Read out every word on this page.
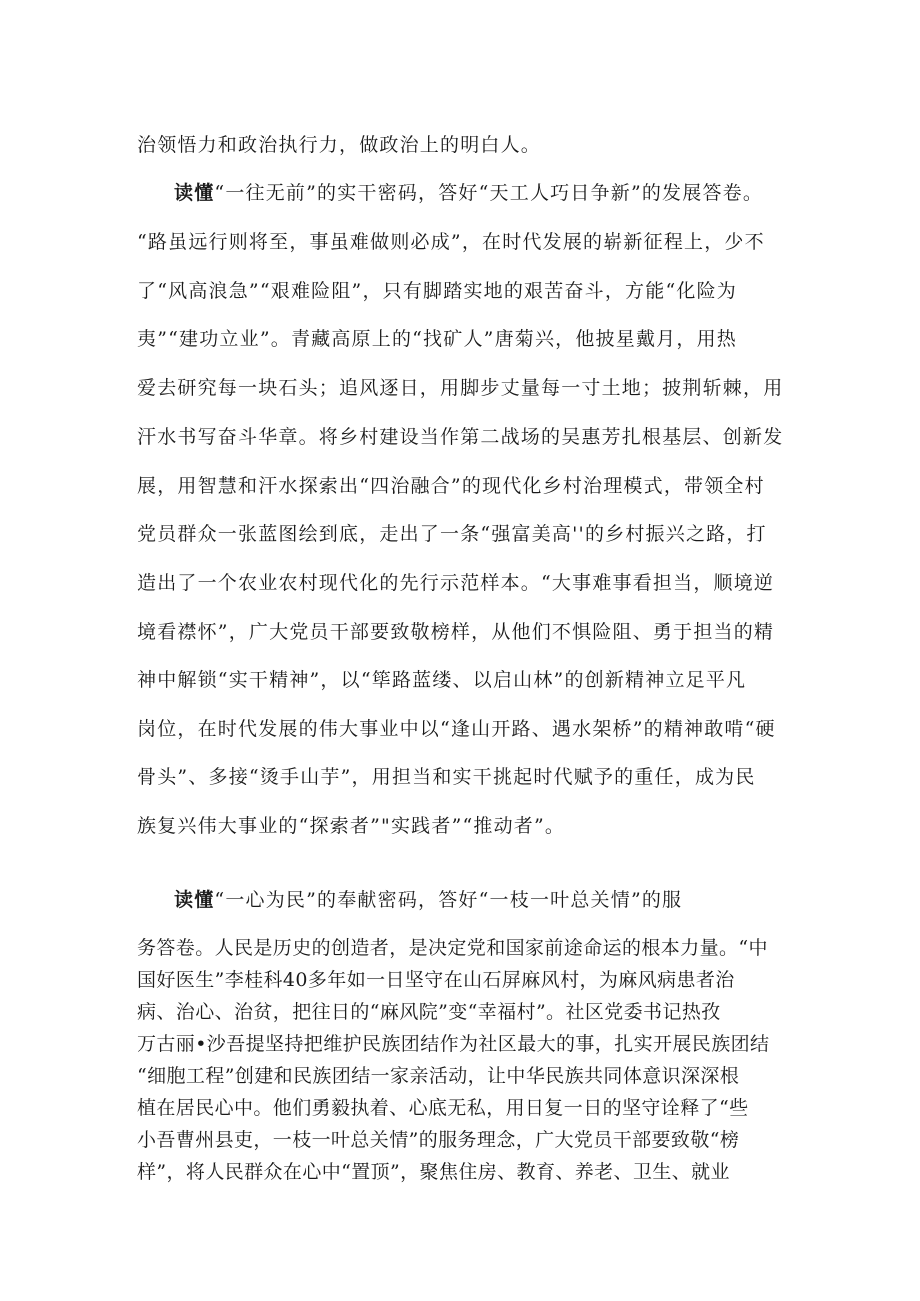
治领悟力和政治执行力，做政治上的明白人。
读懂“一往无前”的实干密码，答好“天工人巧日争新”的发展答卷。
“路虽远行则将至，事虽难做则必成”，在时代发展的崭新征程上，少不
了“风高浪急”“艰难险阻”，只有脚踏实地的艰苦奋斗，方能“化险为
夷”“建功立业”。青藏高原上的“找矿人”唐菊兴，他披星戴月，用热
爱去研究每一块石头；追风逐日，用脚步丈量每一寸土地；披荆斩棘，用
汗水书写奋斗华章。将乡村建设当作第二战场的吴惠芳扎根基层、创新发
展，用智慧和汗水探索出“四治融合”的现代化乡村治理模式，带领全村
党员群众一张蓝图绘到底，走出了一条“强富美高''的乡村振兴之路，打
造出了一个农业农村现代化的先行示范样本。“大事难事看担当，顺境逆
境看襟怀”，广大党员干部要致敬榜样，从他们不惧险阻、勇于担当的精
神中解锁“实干精神”，以“筚路蓝缕、以启山林”的创新精神立足平凡
岗位，在时代发展的伟大事业中以“逢山开路、遇水架桥”的精神敢啃“硬
骨头”、多接“烫手山芋”，用担当和实干挑起时代赋予的重任，成为民
族复兴伟大事业的“探索者”"实践者”“推动者”。
读懂“一心为民”的奉献密码，答好“一枝一叶总关情”的服
务答卷。人民是历史的创造者，是决定党和国家前途命运的根本力量。“中
国好医生”李桂科40多年如一日坚守在山石屏麻风村，为麻风病患者治
病、治心、治贫，把往日的“麻风院”变“幸福村”。社区党委书记热孜
万古丽•沙吾提坚持把维护民族团结作为社区最大的事，扎实开展民族团结
“细胞工程”创建和民族团结一家亲活动，让中华民族共同体意识深深根
植在居民心中。他们勇毅执着、心底无私，用日复一日的坚守诠释了“些
小吾曹州县吏，一枝一叶总关情”的服务理念，广大党员干部要致敬“榜
样”，将人民群众在心中“置顶”，聚焦住房、教育、养老、卫生、就业
